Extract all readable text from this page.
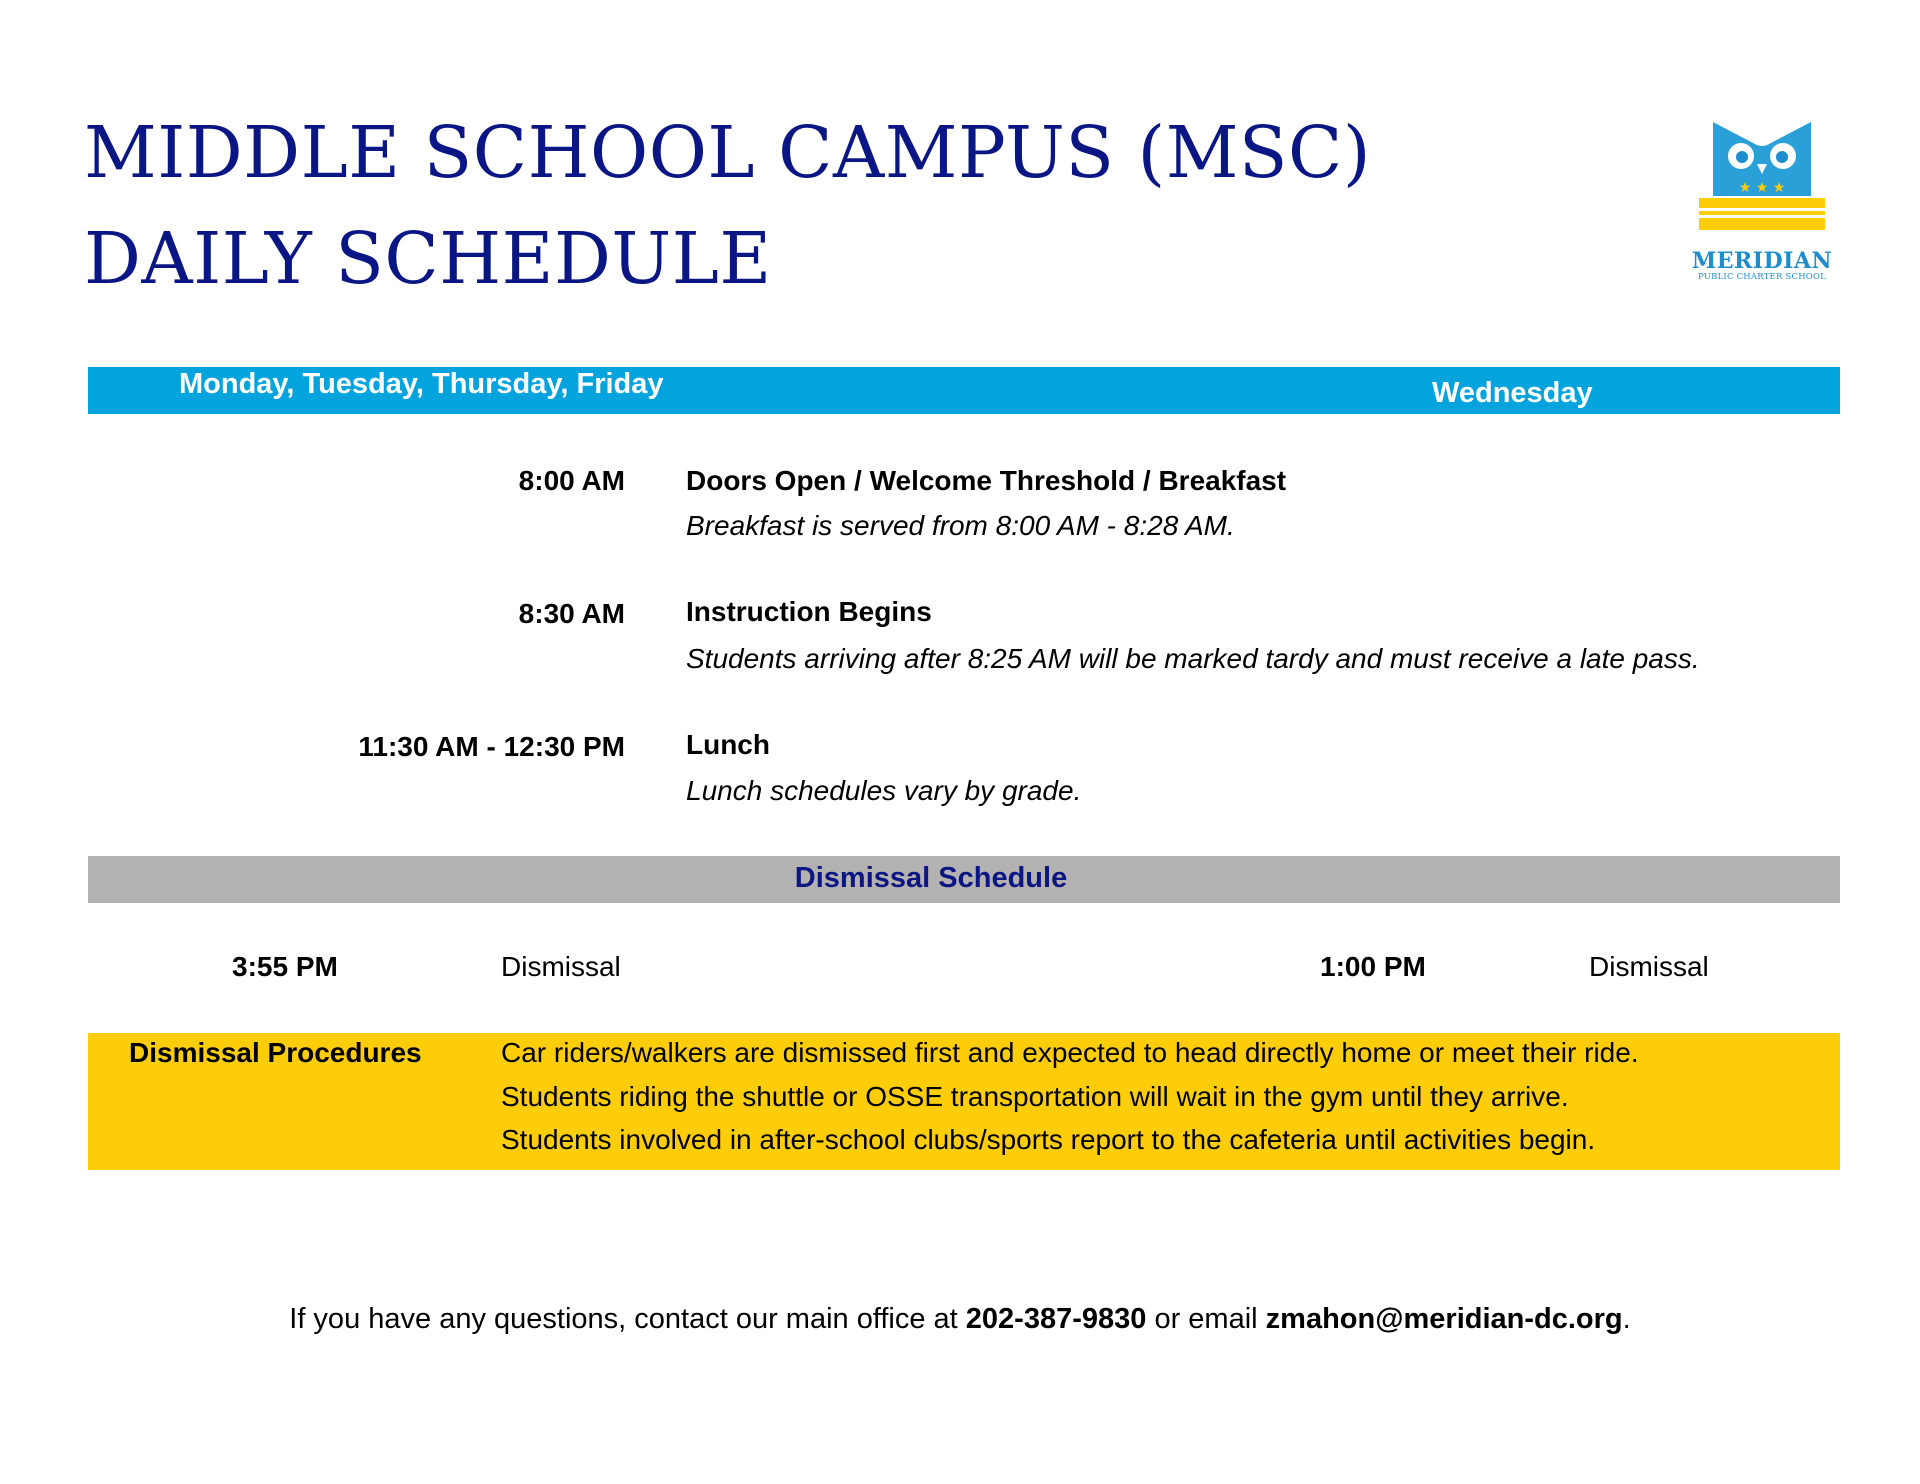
MIDDLE SCHOOL CAMPUS (MSC)
DAILY SCHEDULE
★ ★ ★
MERIDIAN
PUBLIC CHARTER SCHOOL
Monday, Tuesday, Thursday, Friday	Wednesday
8:00 AM Doors Open / Welcome Threshold / Breakfast
Breakfast is served from 8:00 AM - 8:28 AM.
8:30 AM Instruction Begins
Students arriving after 8:25 AM will be marked tardy and must receive a late pass.
11:30 AM - 12:30 PM Lunch
Lunch schedules vary by grade.
Dismissal Schedule
3:55 PM	Dismissal	1:00 PM	Dismissal
Dismissal Procedures	Car riders/walkers are dismissed first and expected to head directly home or meet their ride.
Students riding the shuttle or OSSE transportation will wait in the gym until they arrive.
Students involved in after-school clubs/sports report to the cafeteria until activities begin.
If you have any questions, contact our main office at 202-387-9830 or email zmahon@meridian-dc.org.
